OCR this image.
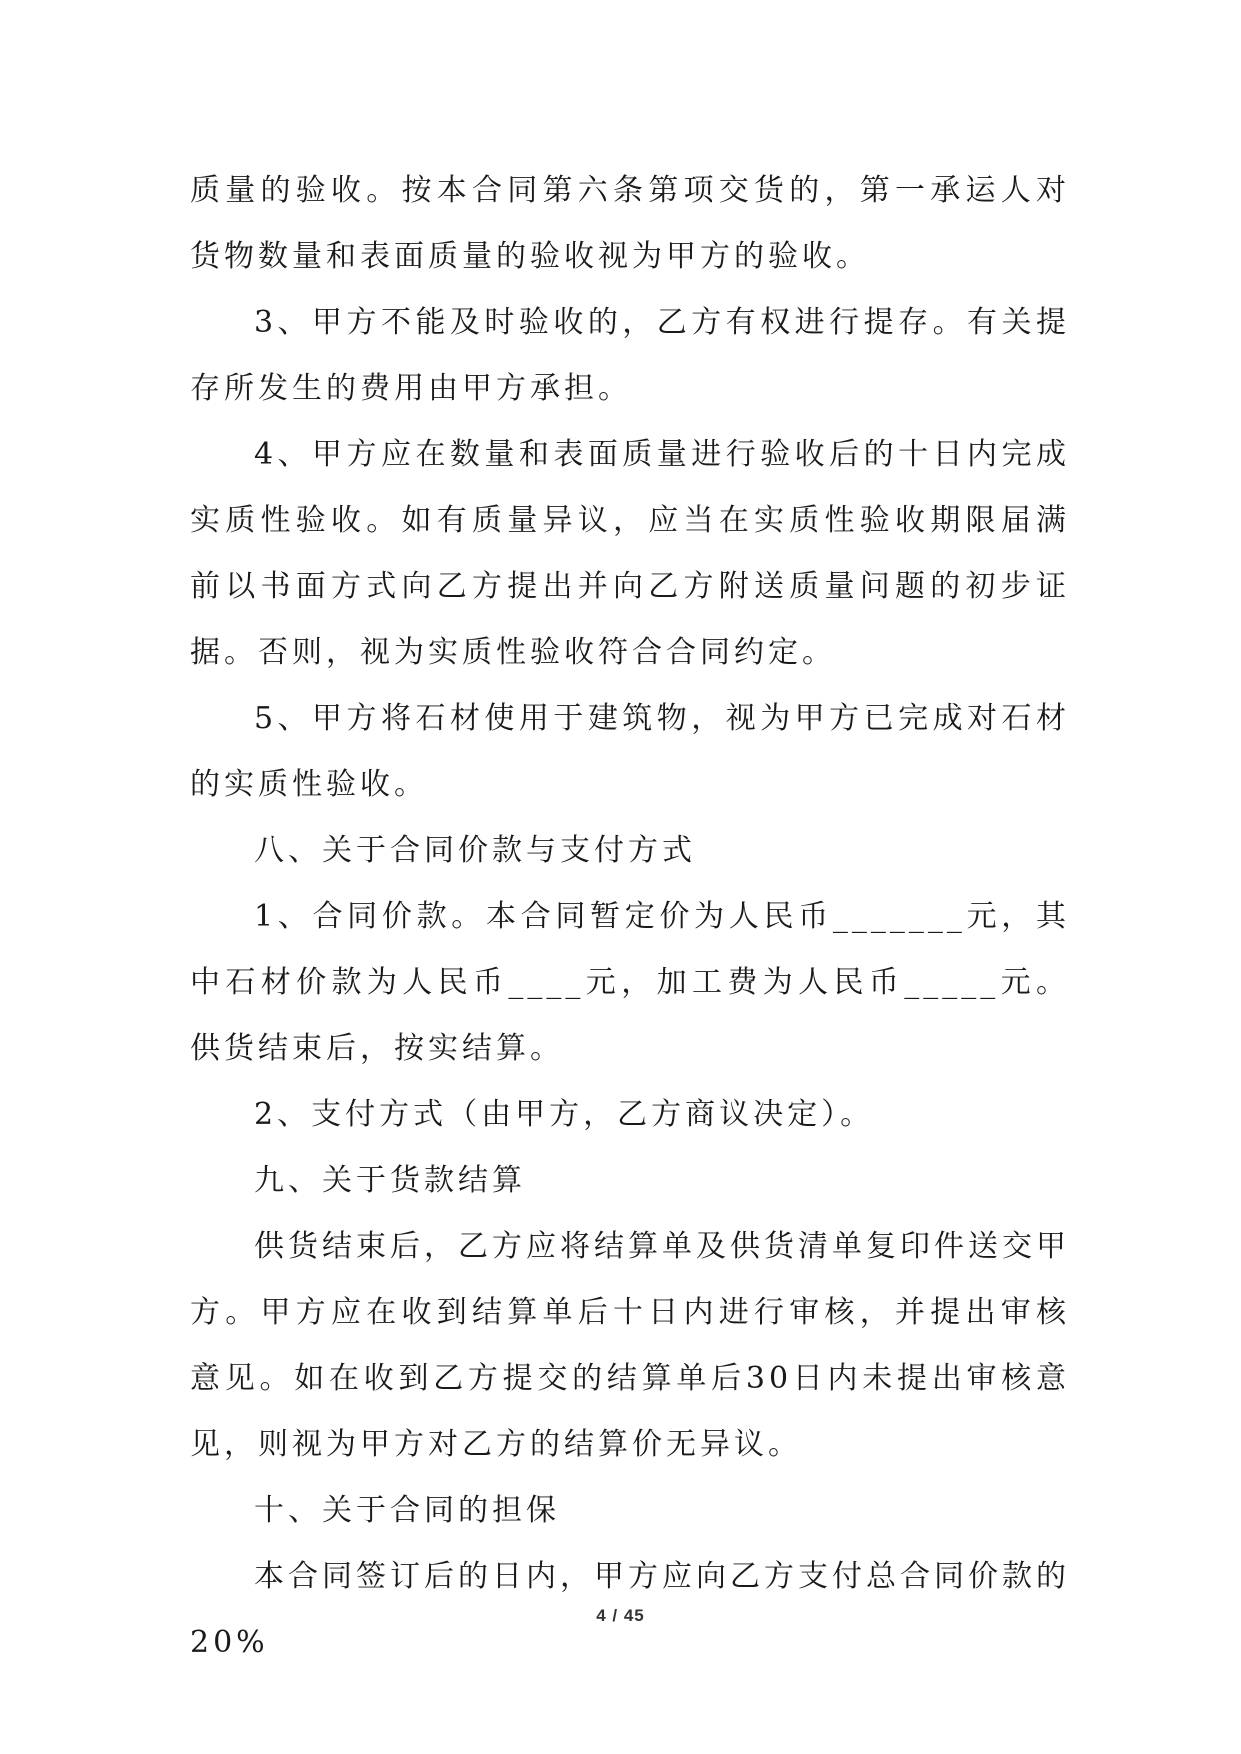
质量的验收。按本合同第六条第项交货的，第一承运人对货物数量和表面质量的验收视为甲方的验收。

3、甲方不能及时验收的，乙方有权进行提存。有关提存所发生的费用由甲方承担。

4、甲方应在数量和表面质量进行验收后的十日内完成实质性验收。如有质量异议，应当在实质性验收期限届满前以书面方式向乙方提出并向乙方附送质量问题的初步证据。否则，视为实质性验收符合合同约定。

5、甲方将石材使用于建筑物，视为甲方已完成对石材的实质性验收。

八、关于合同价款与支付方式

1、合同价款。本合同暂定价为人民币_______元，其中石材价款为人民币____元，加工费为人民币_____元。供货结束后，按实结算。

2、支付方式（由甲方，乙方商议决定）。

九、关于货款结算

供货结束后，乙方应将结算单及供货清单复印件送交甲方。甲方应在收到结算单后十日内进行审核，并提出审核意见。如在收到乙方提交的结算单后30日内未提出审核意见，则视为甲方对乙方的结算价无异议。

十、关于合同的担保

本合同签订后的日内，甲方应向乙方支付总合同价款的20%

4 / 45
